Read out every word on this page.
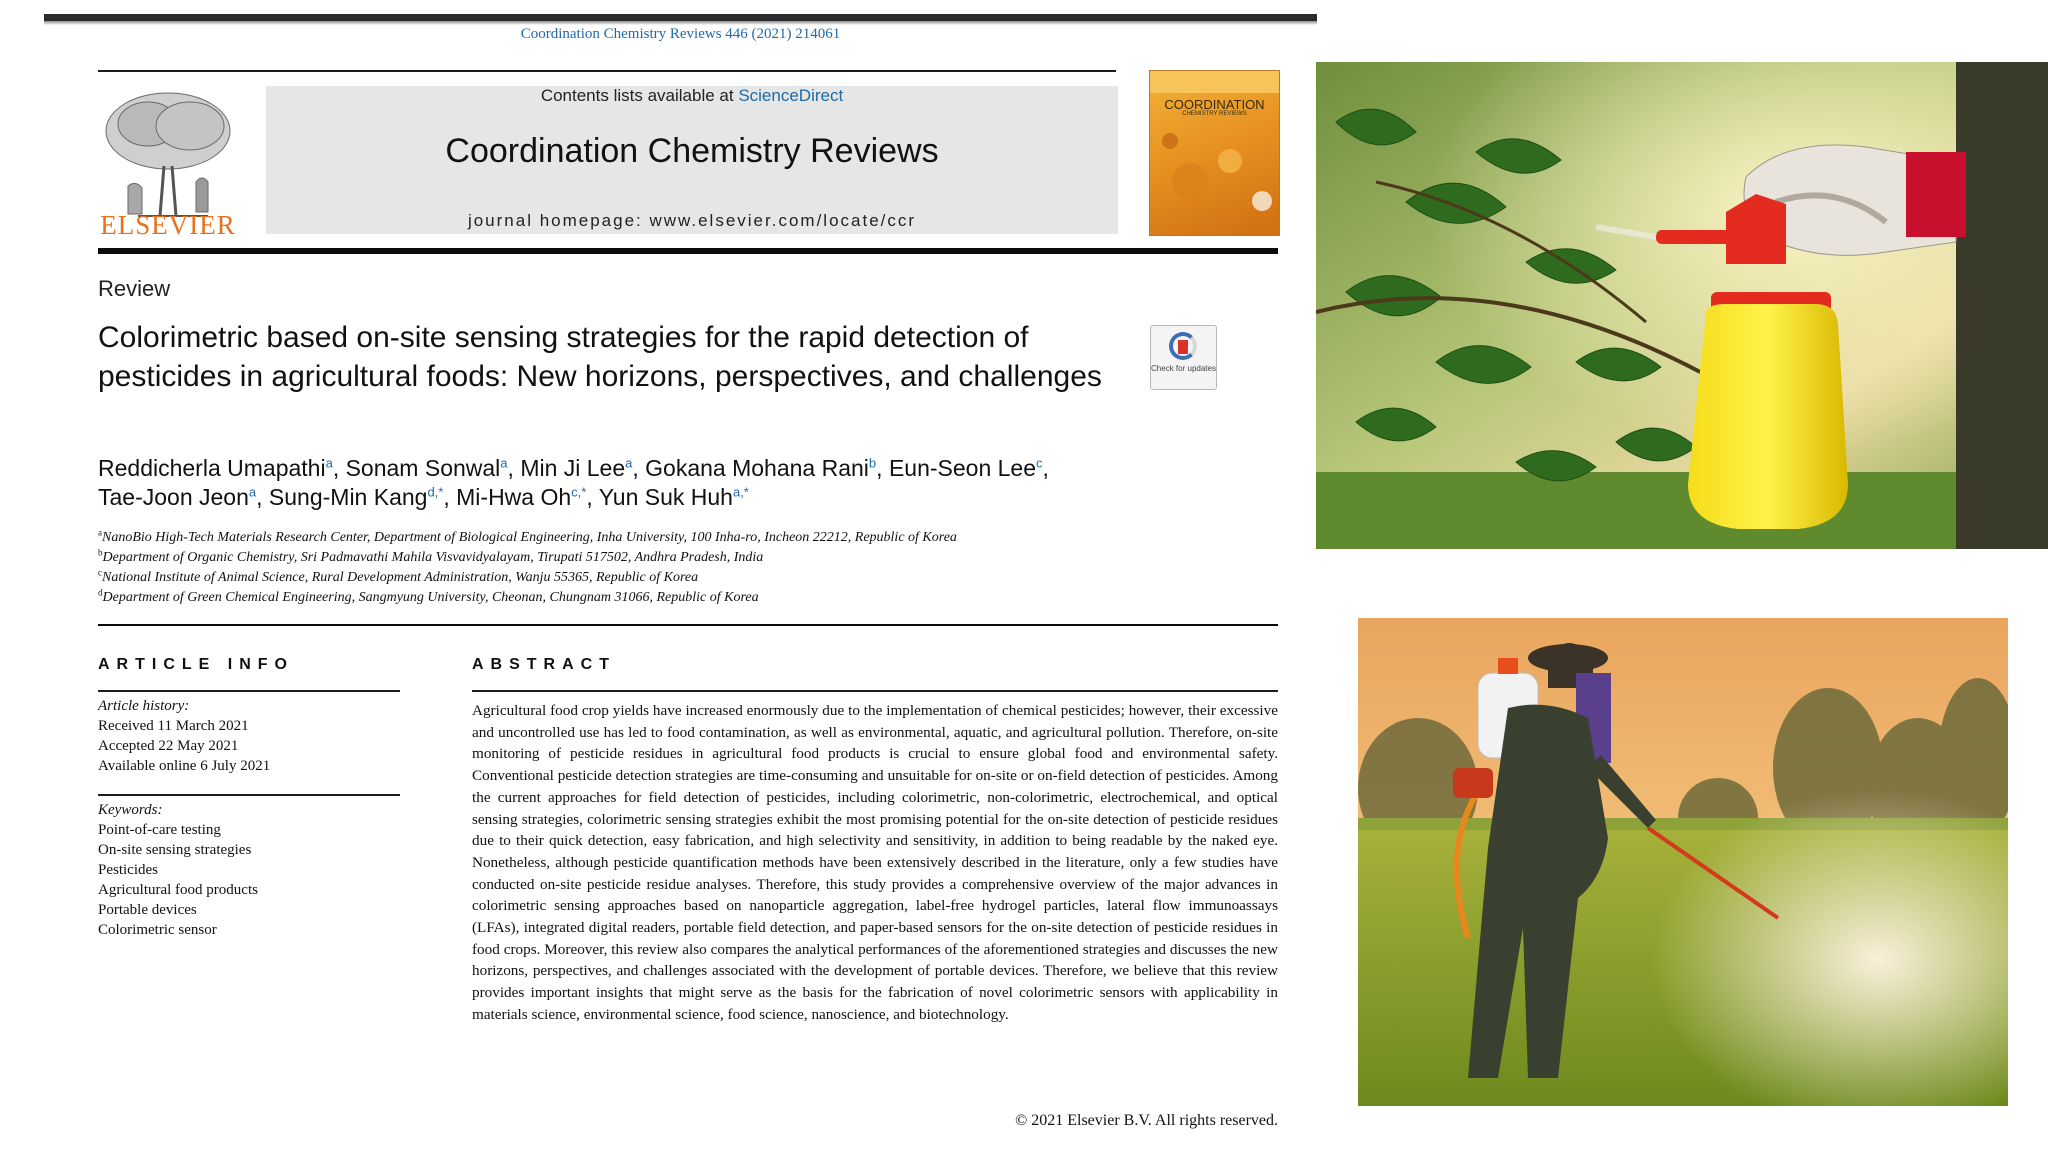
Coordination Chemistry Reviews 446 (2021) 214061
ELSEVIER
Contents lists available at ScienceDirect
Coordination Chemistry Reviews
journal homepage: www.elsevier.com/locate/ccr
COORDINATION
CHEMISTRY REVIEWS
Review
Colorimetric based on-site sensing strategies for the rapid detection of pesticides in agricultural foods: New horizons, perspectives, and challenges	Check for updates
Reddicherla Umapathi$^a$, Sonam Sonwal$^a$, Min Ji Lee$^a$, Gokana Mohana Rani$^b$, Eun-Seon Lee$^c$,
Tae-Joon Jeon$^a$, Sung-Min Kang$^{d,*}$, Mi-Hwa $Oh^{c,*}$, Yun Suk Huh$^{a,*}$
$^a$NanoBio High-Tech Materials Research Center, Department of Biological Engineering, Inha University, 100 Inha-ro, Incheon 22212, Republic of Korea
$^b$Department of Organic Chemistry, Sri Padmavathi Mahila Visvavidyalayam, Tirupati 517502, Andhra Pradesh, India
$^c$National Institute of Animal Science, Rural Development Administration, Wanju 55365, Republic of Korea
$^d$Department of Green Chemical Engineering, Sangmyung University, Cheonan, Chungnam 31066, Republic of Korea
ARTICLE INFO
Article history:
Received 11 March 2021
Accepted 22 May 2021
Available online 6 July 2021
Keywords:
Point-of-care testing
On-site sensing strategies
Pesticides
Agricultural food products
Portable devices
Colorimetric sensor
ABSTRACT

Agricultural food crop yields have increased enormously due to the implementation of chemical pesticides; however, their excessive and uncontrolled use has led to food contamination, as well as environmental, aquatic, and agricultural pollution. Therefore, on-site monitoring of pesticide residues in agricultural food products is crucial to ensure global food and environmental safety. Conventional pesticide detection strategies are time-consuming and unsuitable for on-site or on-field detection of pesticides. Among the current approaches for field detection of pesticides, including colorimetric, non-colorimetric, electrochemical, and optical sensing strategies, colorimetric sensing strategies exhibit the most promising potential for the on-site detection of pesticide residues due to their quick detection, easy fabrication, and high selectivity and sensitivity, in addition to being readable by the naked eye. Nonetheless, although pesticide quantification methods have been extensively described in the literature, only a few studies have conducted on-site pesticide residue analyses. Therefore, this study provides a comprehensive overview of the major advances in colorimetric sensing approaches based on nanoparticle aggregation, label-free hydrogel particles, lateral flow immunoassays (LFAs), integrated digital readers, portable field detection, and paper-based sensors for the on-site detection of pesticide residues in food crops. Moreover, this review also compares the analytical performances of the aforementioned strategies and discusses the new horizons, perspectives, and challenges associated with the development of portable devices. Therefore, we believe that this review provides important insights that might serve as the basis for the fabrication of novel colorimetric sensors with applicability in materials science, environmental science, food science, nanoscience, and biotechnology.

© 2021 Elsevier B.V. All rights reserved.
